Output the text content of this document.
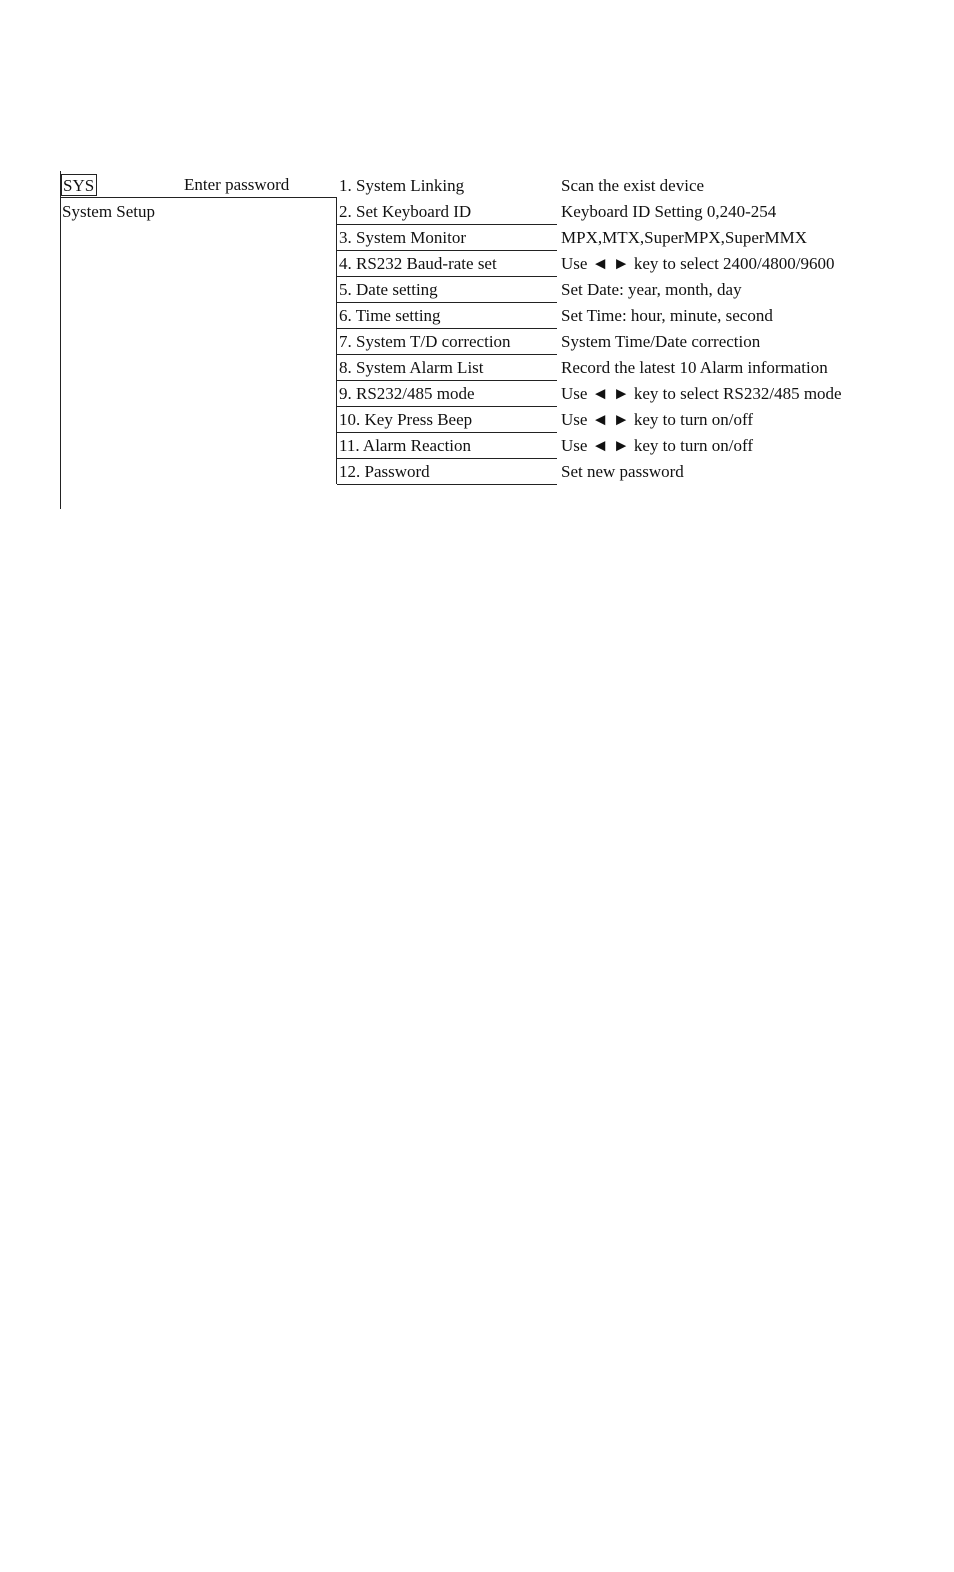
SYS	Enter password
System Setup
1. System Linking	Scan the exist device
2. Set Keyboard ID	Keyboard ID Setting 0,240-254
3. System Monitor	MPX,MTX,SuperMPX,SuperMMX
4. RS232 Baud-rate set	Use ◄ ► key to select 2400/4800/9600
5. Date setting	Set Date: year, month, day
6. Time setting	Set Time: hour, minute, second
7. System T/D correction	System Time/Date correction
8. System Alarm List	Record the latest 10 Alarm information
9. RS232/485 mode	Use ◄ ► key to select RS232/485 mode
10. Key Press Beep	Use ◄ ► key to turn on/off
11. Alarm Reaction	Use ◄ ► key to turn on/off
12. Password	Set new password
